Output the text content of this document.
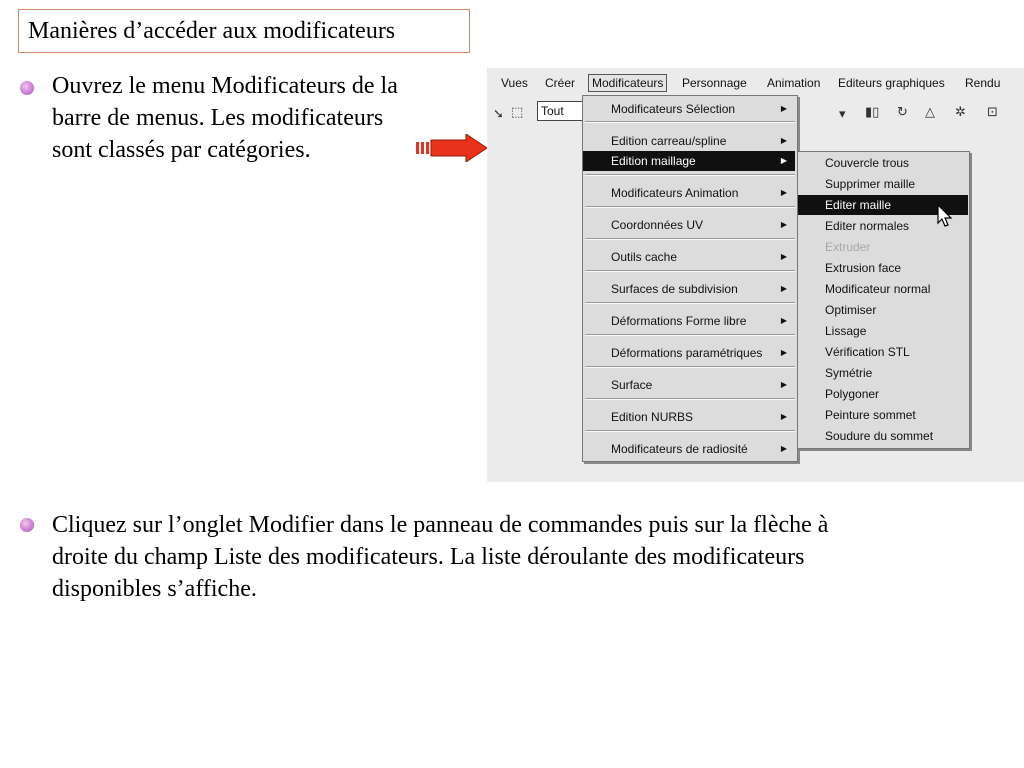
Manières d’accéder aux modificateurs
Ouvrez le menu Modificateurs de la
barre de menus. Les modificateurs
sont classés par catégories.
Vues Créer	Modificateurs	Personnage Animation Editeurs graphiques Rendu
➘ ⬚	Tout	▾ ▮▯ ↻ △ ✲ ⊡
Modificateurs Sélection	▶
Edition carreau/spline	▶
Edition maillage	▶
Modificateurs Animation	▶
Coordonnées UV	▶
Outils cache	▶
Surfaces de subdivision	▶
Déformations Forme libre	▶
Déformations paramétriques ▶
Surface	▶
Edition NURBS	▶
Modificateurs de radiosité	▶
Couvercle trous
Supprimer maille
Editer maille
Editer normales
Extruder
Extrusion face
Modificateur normal
Optimiser
Lissage
Vérification STL
Symétrie
Polygoner
Peinture sommet
Soudure du sommet
Cliquez sur l’onglet Modifier dans le panneau de commandes puis sur la flèche à
droite du champ Liste des modificateurs. La liste déroulante des modificateurs
disponibles s’affiche.
